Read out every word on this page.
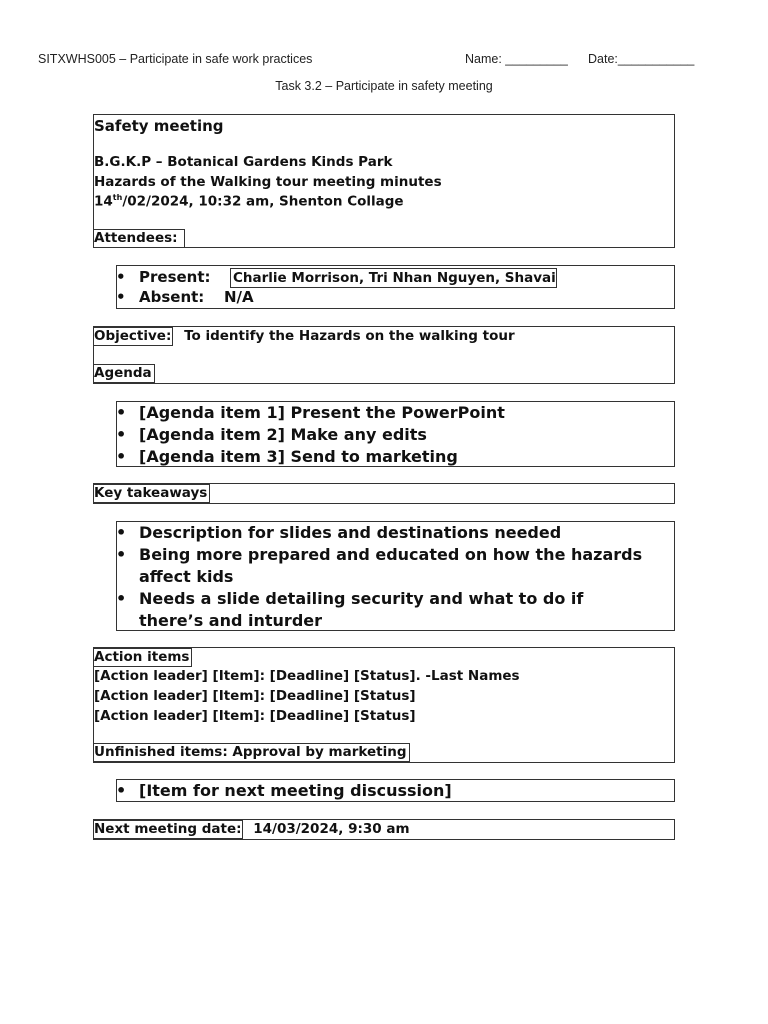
SITXWHS005 – Participate in safe work practices	Name: _________ Date:___________
Task 3.2 – Participate in safety meeting
Safety meeting
B.G.K.P – Botanical Gardens Kinds Park
Hazards of the Walking tour meeting minutes
14th/02/2024, 10:32 am, Shenton Collage
Attendees:
• Present: Charlie Morrison, Tri Nhan Nguyen, Shavai
• Absent: N/A
Objective: To identify the Hazards on the walking tour
Agenda
• [Agenda item 1] Present the PowerPoint
• [Agenda item 2] Make any edits
• [Agenda item 3] Send to marketing
Key takeaways
• Description for slides and destinations needed
• Being more prepared and educated on how the hazards
affect kids
• Needs a slide detailing security and what to do if
there’s and inturder
Action items
[Action leader] [Item]: [Deadline] [Status]. -Last Names
[Action leader] [Item]: [Deadline] [Status]
[Action leader] [Item]: [Deadline] [Status]
Unfinished items: Approval by marketing
• [Item for next meeting discussion]
Next meeting date: 14/03/2024, 9:30 am
